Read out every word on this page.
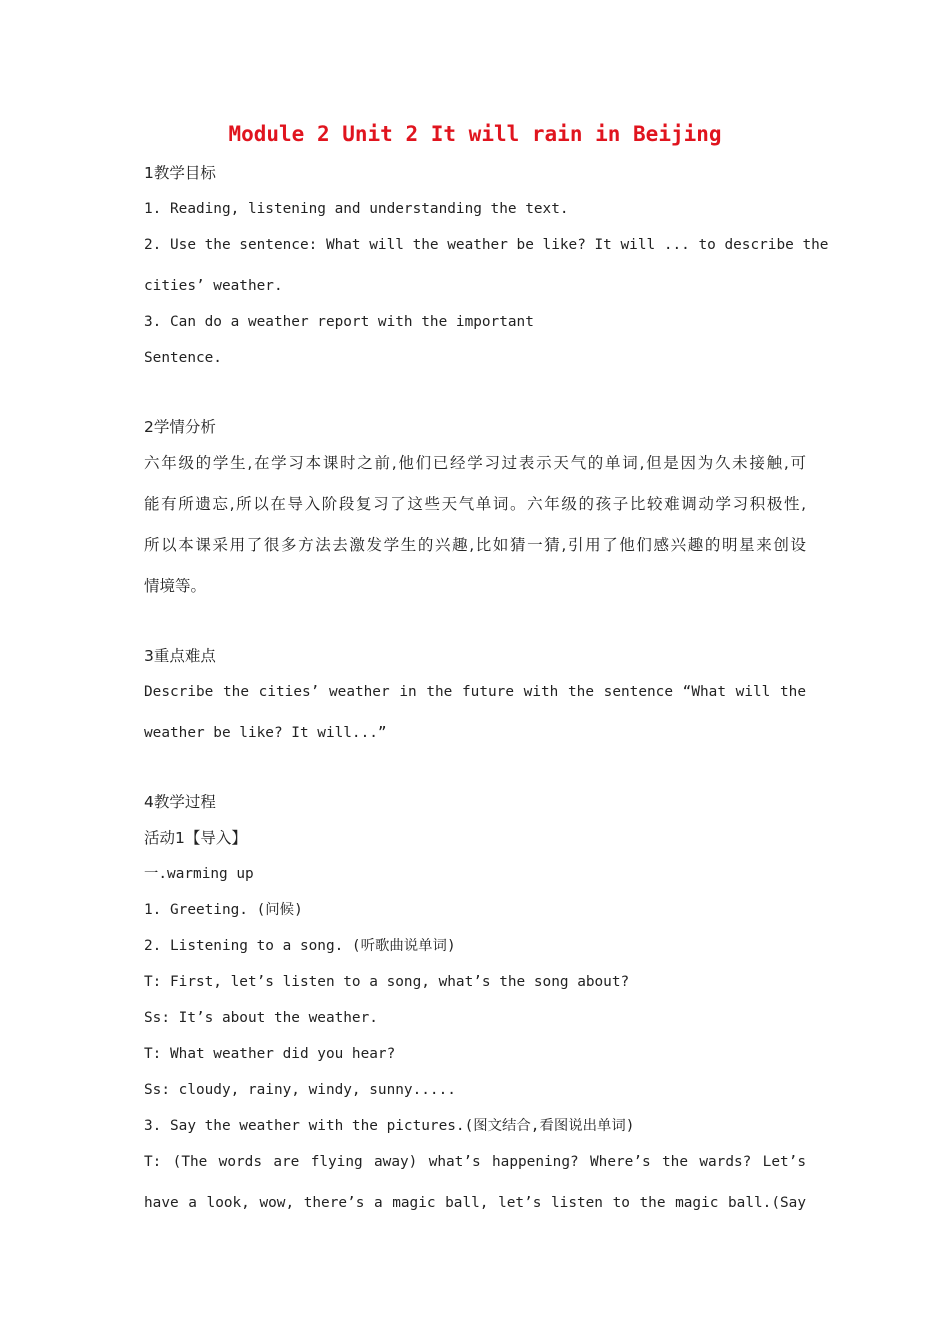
Module 2 Unit 2 It will rain in Beijing
1教学目标
1. Reading, listening and understanding the text.
2. Use the sentence: What will the weather be like? It will ... to describe the
cities’ weather.
3. Can do a weather report with the important
Sentence.
2学情分析
六年级的学生,在学习本课时之前,他们已经学习过表示天气的单词,但是因为久未接触,可
能有所遗忘,所以在导入阶段复习了这些天气单词。六年级的孩子比较难调动学习积极性,
所以本课采用了很多方法去激发学生的兴趣,比如猜一猜,引用了他们感兴趣的明星来创设
情境等。
3重点难点
Describe the cities’ weather in the future with the sentence “What will the
weather be like? It will...”
4教学过程
活动1【导入】
一.warming up
1. Greeting. (问候)
2. Listening to a song. (听歌曲说单词)
T: First, let’s listen to a song, what’s the song about?
Ss: It’s about the weather.
T: What weather did you hear?
Ss: cloudy, rainy, windy, sunny.....
3. Say the weather with the pictures.(图文结合,看图说出单词)
T: (The words are flying away) what’s happening? Where’s the wards? Let’s
have a look, wow, there’s a magic ball, let’s listen to the magic ball.(Say
